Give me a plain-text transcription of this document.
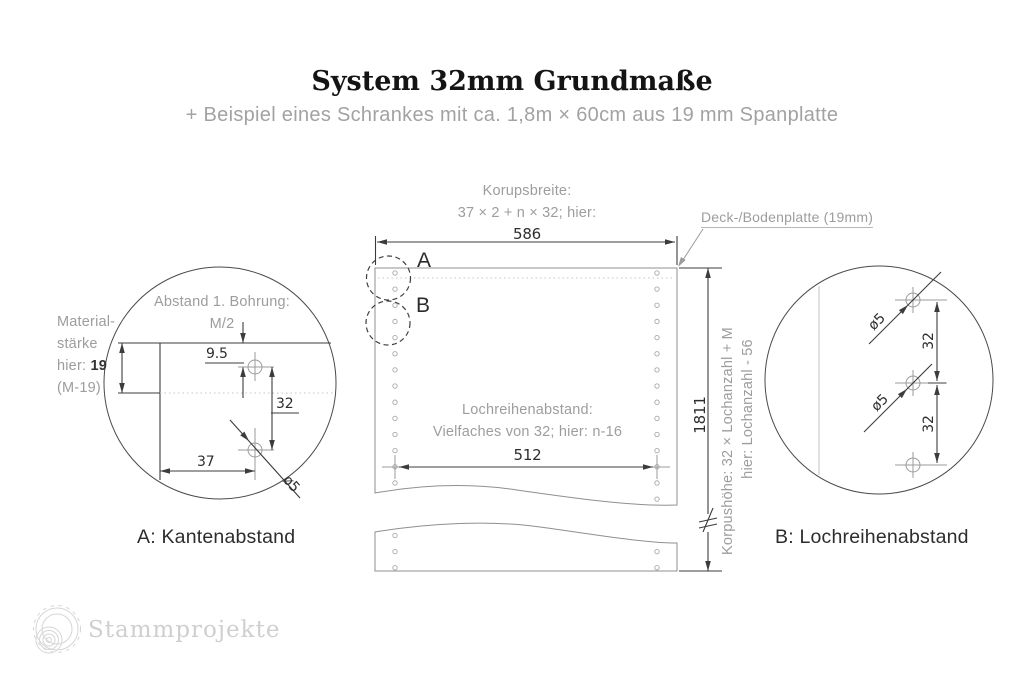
System 32mm Grundmaße
+ Beispiel eines Schrankes mit ca. 1,8m × 60cm aus 19 mm Spanplatte
Korupsbreite:
37 × 2 + n × 32; hier:
586
Deck-/Bodenplatte (19mm)
A
B
Lochreihenabstand:
Vielfaches von 32; hier: n-16
512
1811 Korpushöhe: 32 × Lochanzahl + M hier: Lochanzahl - 56
Abstand 1. Bohrung:
M/2
Material-
stärke
hier: 19
(M-19)
9.5
32
37
ø5
A: Kantenabstand
ø5
ø5
32
32
B: Lochreihenabstand
Stammprojekte
